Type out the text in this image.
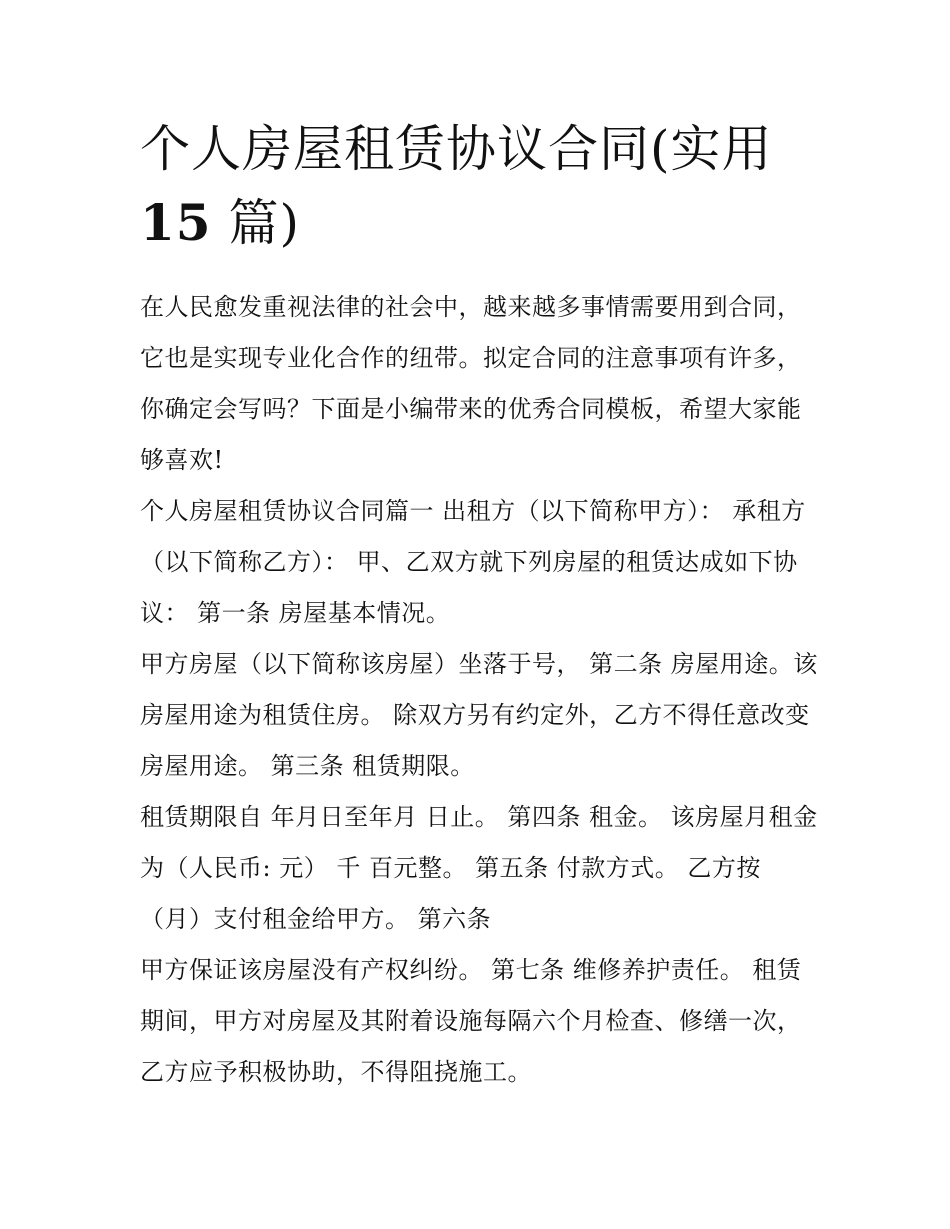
个人房屋租赁协议合同(实用
15 篇)

在人民愈发重视法律的社会中，越来越多事情需要用到合同，它也是实现专业化合作的纽带。拟定合同的注意事项有许多，你确定会写吗？下面是小编带来的优秀合同模板，希望大家能够喜欢!

个人房屋租赁协议合同篇一 出租方（以下简称甲方）： 承租方（以下简称乙方）： 甲、乙双方就下列房屋的租赁达成如下协议： 第一条 房屋基本情况。

甲方房屋（以下简称该房屋）坐落于号， 第二条 房屋用途。该房屋用途为租赁住房。 除双方另有约定外，乙方不得任意改变房屋用途。 第三条 租赁期限。

租赁期限自 年月日至年月 日止。 第四条 租金。 该房屋月租金为（人民币: 元） 千 百元整。 第五条 付款方式。 乙方按（月）支付租金给甲方。 第六条

甲方保证该房屋没有产权纠纷。 第七条 维修养护责任。 租赁期间，甲方对房屋及其附着设施每隔六个月检查、修缮一次，乙方应予积极协助，不得阻挠施工。
